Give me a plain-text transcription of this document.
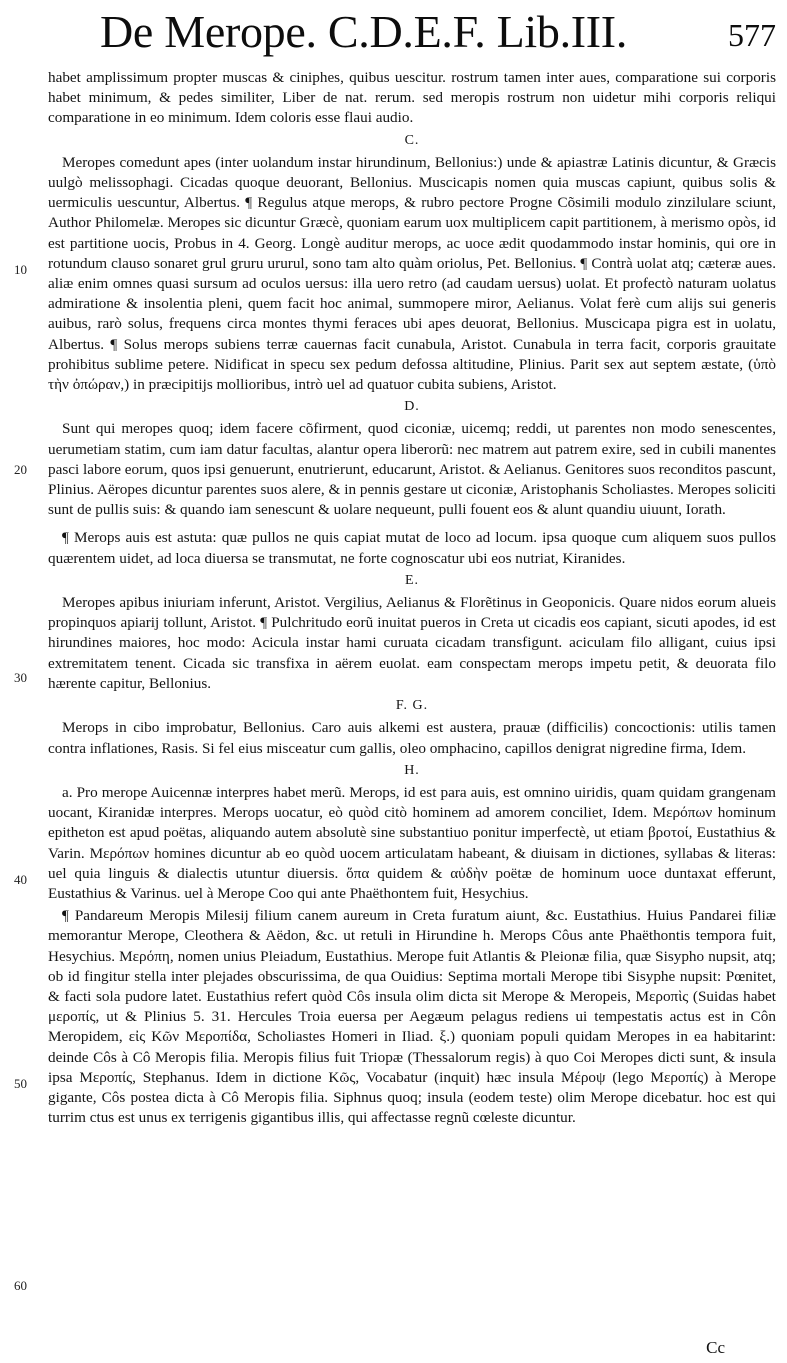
De Merope. C.D.E.F. Lib.III.	577

habet amplissimum propter muscas & ciniphes, quibus uescitur. rostrum tamen inter aues, comparatione sui corporis habet minimum, & pedes similiter, Liber de nat. rerum. sed meropis rostrum non uidetur mihi corporis reliqui comparatione in eo minimum. Idem coloris esse flaui audio.

C.

Meropes comedunt apes (inter uolandum instar hirundinum, Bellonius:) unde & apiastræ Latinis dicuntur, & Græcis uulgò melissophagi. Cicadas quoque deuorant, Bellonius. Muscicapis nomen quia muscas capiunt, quibus solis & uermiculis uescuntur, Albertus. ¶ Regulus atque merops, & rubro pectore Progne Cõsimili modulo zinzilulare sciunt, Author Philomelæ. Meropes sic dicuntur Græcè, quoniam earum uox multiplicem capit partitionem, à merismo opòs, id est partitione uocis, Probus in 4. Georg. Longè auditur merops, ac uoce ædit quodammodo instar hominis, qui ore in rotundum clauso sonaret grul gruru ururul, sono tam alto quàm oriolus, Pet. Bellonius. ¶ Contrà uolat atq; cæteræ aues. aliæ enim omnes quasi sursum ad oculos uersus: illa uero retro (ad caudam uersus) uolat. Et profectò naturam uolatus admiratione & insolentia pleni, quem facit hoc animal, summopere miror, Aelianus. Volat ferè cum alijs sui generis auibus, rarò solus, frequens circa montes thymi feraces ubi apes deuorat, Bellonius. Muscicapa pigra est in uolatu, Albertus. ¶ Solus merops subiens terræ cauernas facit cunabula, Aristot. Cunabula in terra facit, corporis grauitate prohibitus sublime petere. Nidificat in specu sex pedum defossa altitudine, Plinius. Parit sex aut septem æstate, (ὑπὸ τὴν ὀπώραν,) in præcipitijs mollioribus, intrò uel ad quatuor cubita subiens, Aristot.

D.

Sunt qui meropes quoq; idem facere cõfirment, quod ciconiæ, uicemq; reddi, ut parentes non modo senescentes, uerumetiam statim, cum iam datur facultas, alantur opera liberorũ: nec matrem aut patrem exire, sed in cubili manentes pasci labore eorum, quos ipsi genuerunt, enutrierunt, educarunt, Aristot. & Aelianus. Genitores suos reconditos pascunt, Plinius. Aëropes dicuntur parentes suos alere, & in pennis gestare ut ciconiæ, Aristophanis Scholiastes. Meropes soliciti sunt de pullis suis: & quando iam senescunt & uolare nequeunt, pulli fouent eos & alunt quandiu uiuunt, Iorath.

¶ Merops auis est astuta: quæ pullos ne quis capiat mutat de loco ad locum. ipsa quoque cum aliquem suos pullos quærentem uidet, ad loca diuersa se transmutat, ne forte cognoscatur ubi eos nutriat, Kiranides.

E.

Meropes apibus iniuriam inferunt, Aristot. Vergilius, Aelianus & Florẽtinus in Geoponicis. Quare nidos eorum alueis propinquos apiarij tollunt, Aristot. ¶ Pulchritudo eorũ inuitat pueros in Creta ut cicadis eos capiant, sicuti apodes, id est hirundines maiores, hoc modo: Acicula instar hami curuata cicadam transfigunt. aciculam filo alligant, cuius ipsi extremitatem tenent. Cicada sic transfixa in aërem euolat. eam conspectam merops impetu petit, & deuorata filo hærente capitur, Bellonius.

F. G.

Merops in cibo improbatur, Bellonius. Caro auis alkemi est austera, prauæ (difficilis) concoctionis: utilis tamen contra inflationes, Rasis. Si fel eius misceatur cum gallis, oleo omphacino, capillos denigrat nigredine firma, Idem.

H.

a. Pro merope Auicennæ interpres habet merũ. Merops, id est para auis, est omnino uiridis, quam quidam grangenam uocant, Kiranidæ interpres. Merops uocatur, eò quòd citò hominem ad amorem conciliet, Idem. Μερόπων hominum epitheton est apud poëtas, aliquando autem absolutè sine substantiuo ponitur imperfectè, ut etiam βροτοί, Eustathius & Varin. Μερόπων homines dicuntur ab eo quòd uocem articulatam habeant, & diuisam in dictiones, syllabas & literas: uel quia linguis & dialectis utuntur diuersis. ὅπα quidem & αὐδὴν poëtæ de hominum uoce duntaxat efferunt, Eustathius & Varinus. uel à Merope Coo qui ante Phaëthontem fuit, Hesychius.

¶ Pandareum Meropis Milesij filium canem aureum in Creta furatum aiunt, &c. Eustathius. Huius Pandarei filiæ memorantur Merope, Cleothera & Aëdon, &c. ut retuli in Hirundine h. Merops Côus ante Phaëthontis tempora fuit, Hesychius. Μερόπη, nomen unius Pleiadum, Eustathius. Merope fuit Atlantis & Pleionæ filia, quæ Sisypho nupsit, atq; ob id fingitur stella inter plejades obscurissima, de qua Ouidius: Septima mortali Merope tibi Sisyphe nupsit: Pœnitet, & facti sola pudore latet. Eustathius refert quòd Côs insula olim dicta sit Merope & Meropeis, Μεροπὶς (Suidas habet μεροπίς, ut & Plinius 5. 31. Hercules Troia euersa per Aegæum pelagus rediens ui tempestatis actus est in Côn Meropidem, εἰς Κῶν Μεροπίδα, Scholiastes Homeri in Iliad. ξ.) quoniam populi quidam Meropes in ea habitarint: deinde Côs à Cô Meropis filia. Meropis filius fuit Triopæ (Thessalorum regis) à quo Coi Meropes dicti sunt, & insula ipsa Μεροπίς, Stephanus. Idem in dictione Κῶς, Vocabatur (inquit) hæc insula Μέροψ (lego Μεροπίς) à Merope gigante, Côs postea dicta à Cô Meropis filia. Siphnus quoq; insula (eodem teste) olim Merope dicebatur. hoc est qui turrim ctus est unus ex terrigenis gigantibus illis, qui affectasse regnũ cœleste dicuntur.

10
20
30
40
50
60
Cc
